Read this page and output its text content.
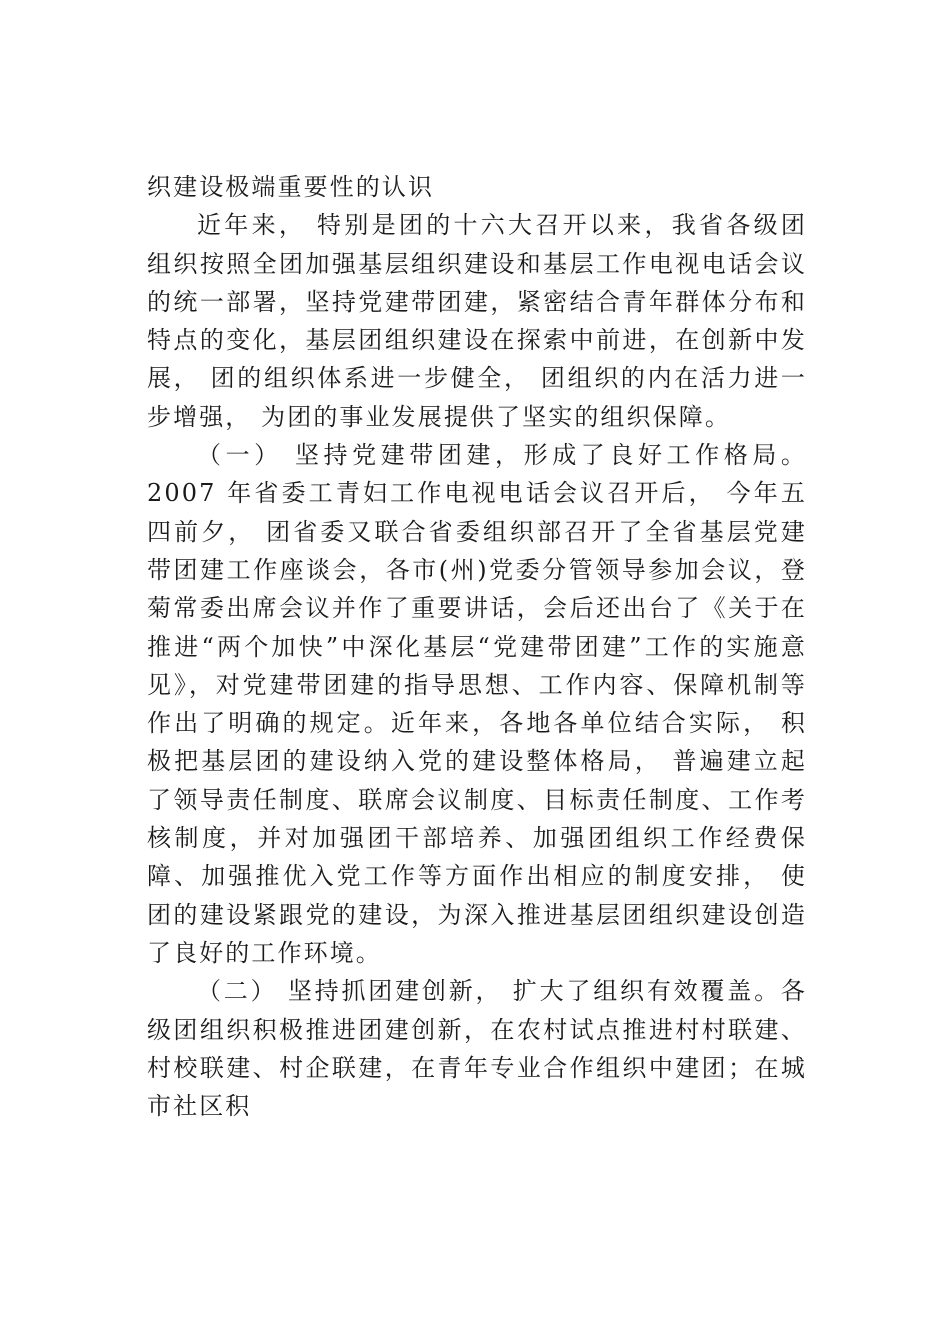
织建设极端重要性的认识

近年来， 特别是团的十六大召开以来，我省各级团组织按照全团加强基层组织建设和基层工作电视电话会议的统一部署，坚持党建带团建，紧密结合青年群体分布和特点的变化，基层团组织建设在探索中前进，在创新中发展， 团的组织体系进一步健全， 团组织的内在活力进一步增强， 为团的事业发展提供了坚实的组织保障。

（一） 坚持党建带团建，形成了良好工作格局。 2007 年省委工青妇工作电视电话会议召开后， 今年五四前夕， 团省委又联合省委组织部召开了全省基层党建带团建工作座谈会，各市(州)党委分管领导参加会议，登菊常委出席会议并作了重要讲话，会后还出台了《关于在推进“两个加快”中深化基层“党建带团建”工作的实施意见》，对党建带团建的指导思想、工作内容、保障机制等作出了明确的规定。近年来，各地各单位结合实际， 积极把基层团的建设纳入党的建设整体格局， 普遍建立起了领导责任制度、联席会议制度、目标责任制度、工作考核制度，并对加强团干部培养、加强团组织工作经费保障、加强推优入党工作等方面作出相应的制度安排， 使团的建设紧跟党的建设，为深入推进基层团组织建设创造了良好的工作环境。

（二） 坚持抓团建创新， 扩大了组织有效覆盖。各级团组织积极推进团建创新，在农村试点推进村村联建、村校联建、村企联建，在青年专业合作组织中建团；在城市社区积
